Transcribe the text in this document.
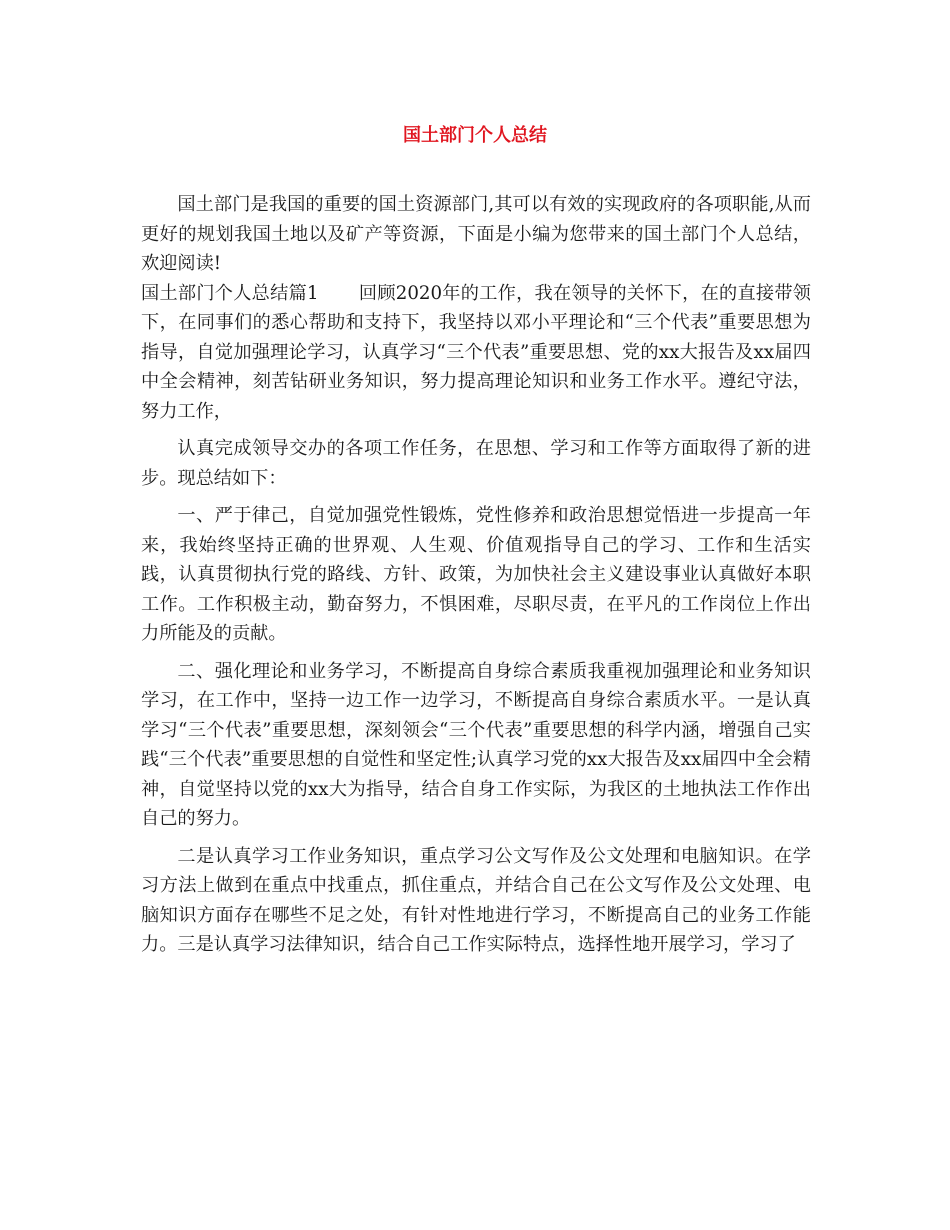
国土部门个人总结

国土部门是我国的重要的国土资源部门,其可以有效的实现政府的各项职能,从而更好的规划我国土地以及矿产等资源，下面是小编为您带来的国土部门个人总结，欢迎阅读!

国土部门个人总结篇1 回顾2020年的工作，我在领导的关怀下，在的直接带领下，在同事们的悉心帮助和支持下，我坚持以邓小平理论和“三个代表”重要思想为指导，自觉加强理论学习，认真学习“三个代表”重要思想、党的xx大报告及xx届四中全会精神，刻苦钻研业务知识，努力提高理论知识和业务工作水平。遵纪守法，努力工作，

认真完成领导交办的各项工作任务，在思想、学习和工作等方面取得了新的进步。现总结如下：

一、严于律己，自觉加强党性锻炼，党性修养和政治思想觉悟进一步提高一年来，我始终坚持正确的世界观、人生观、价值观指导自己的学习、工作和生活实践，认真贯彻执行党的路线、方针、政策，为加快社会主义建设事业认真做好本职工作。工作积极主动，勤奋努力，不惧困难，尽职尽责，在平凡的工作岗位上作出力所能及的贡献。

二、强化理论和业务学习，不断提高自身综合素质我重视加强理论和业务知识学习，在工作中，坚持一边工作一边学习，不断提高自身综合素质水平。一是认真学习“三个代表”重要思想，深刻领会“三个代表”重要思想的科学内涵，增强自己实践“三个代表”重要思想的自觉性和坚定性;认真学习党的xx大报告及xx届四中全会精神，自觉坚持以党的xx大为指导，结合自身工作实际，为我区的土地执法工作作出自己的努力。

二是认真学习工作业务知识，重点学习公文写作及公文处理和电脑知识。在学习方法上做到在重点中找重点，抓住重点，并结合自己在公文写作及公文处理、电脑知识方面存在哪些不足之处，有针对性地进行学习，不断提高自己的业务工作能力。三是认真学习法律知识，结合自己工作实际特点，选择性地开展学习，学习了
